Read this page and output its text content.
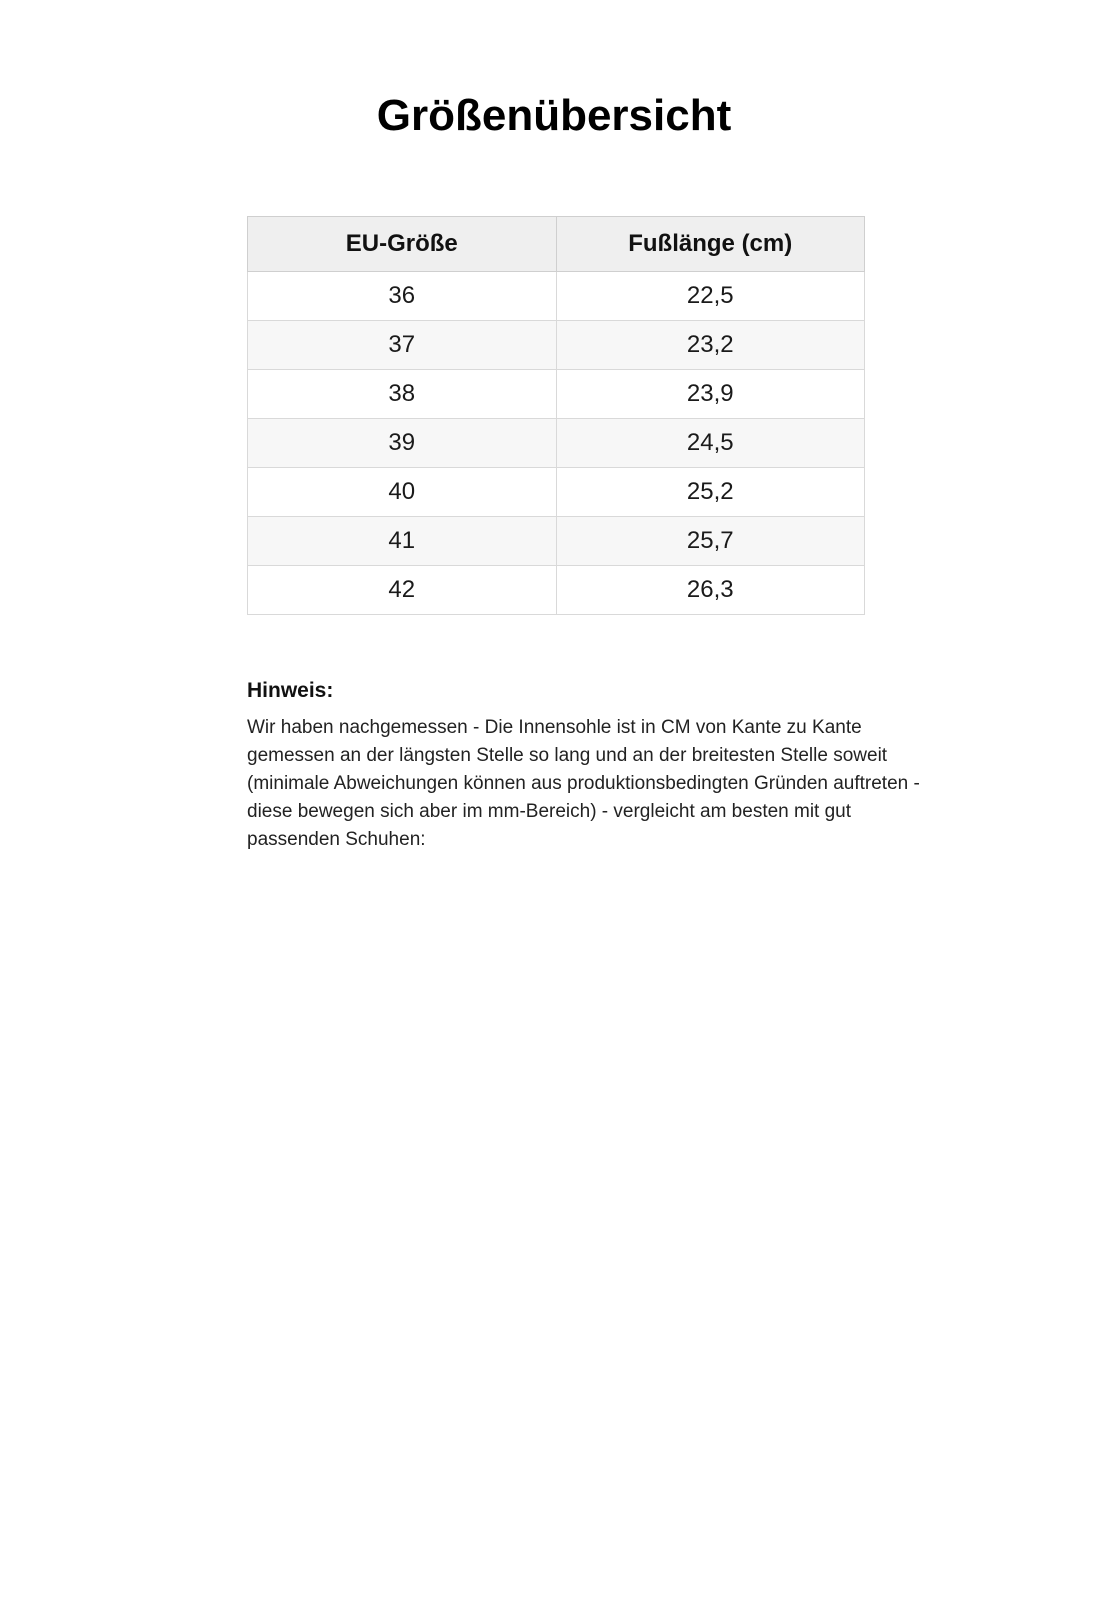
Größenübersicht
EU-Größe	Fußlänge (cm)
36	22,5
37	23,2
38	23,9
39	24,5
40	25,2
41	25,7
42	26,3
Hinweis:

Wir haben nachgemessen - Die Innensohle ist in CM von Kante zu Kante gemessen an der längsten Stelle so lang und an der breitesten Stelle soweit (minimale Abweichungen können aus produktionsbedingten Gründen auftreten - diese bewegen sich aber im mm-Bereich) - vergleicht am besten mit gut passenden Schuhen:
